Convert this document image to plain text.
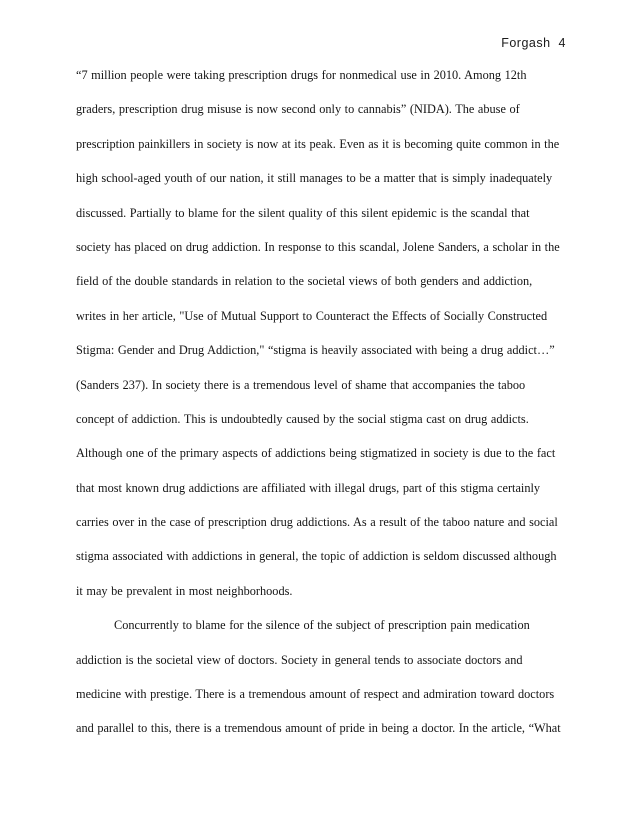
Forgash 4
“7 million people were taking prescription drugs for nonmedical use in 2010. Among 12th
graders, prescription drug misuse is now second only to cannabis” (NIDA). The abuse of
prescription painkillers in society is now at its peak. Even as it is becoming quite common in the
high school-aged youth of our nation, it still manages to be a matter that is simply inadequately
discussed. Partially to blame for the silent quality of this silent epidemic is the scandal that
society has placed on drug addiction. In response to this scandal, Jolene Sanders, a scholar in the
field of the double standards in relation to the societal views of both genders and addiction,
writes in her article, "Use of Mutual Support to Counteract the Effects of Socially Constructed
Stigma: Gender and Drug Addiction," “stigma is heavily associated with being a drug addict…”
(Sanders 237). In society there is a tremendous level of shame that accompanies the taboo
concept of addiction. This is undoubtedly caused by the social stigma cast on drug addicts.
Although one of the primary aspects of addictions being stigmatized in society is due to the fact
that most known drug addictions are affiliated with illegal drugs, part of this stigma certainly
carries over in the case of prescription drug addictions. As a result of the taboo nature and social
stigma associated with addictions in general, the topic of addiction is seldom discussed although
it may be prevalent in most neighborhoods.
Concurrently to blame for the silence of the subject of prescription pain medication
addiction is the societal view of doctors. Society in general tends to associate doctors and
medicine with prestige. There is a tremendous amount of respect and admiration toward doctors
and parallel to this, there is a tremendous amount of pride in being a doctor. In the article, “What
